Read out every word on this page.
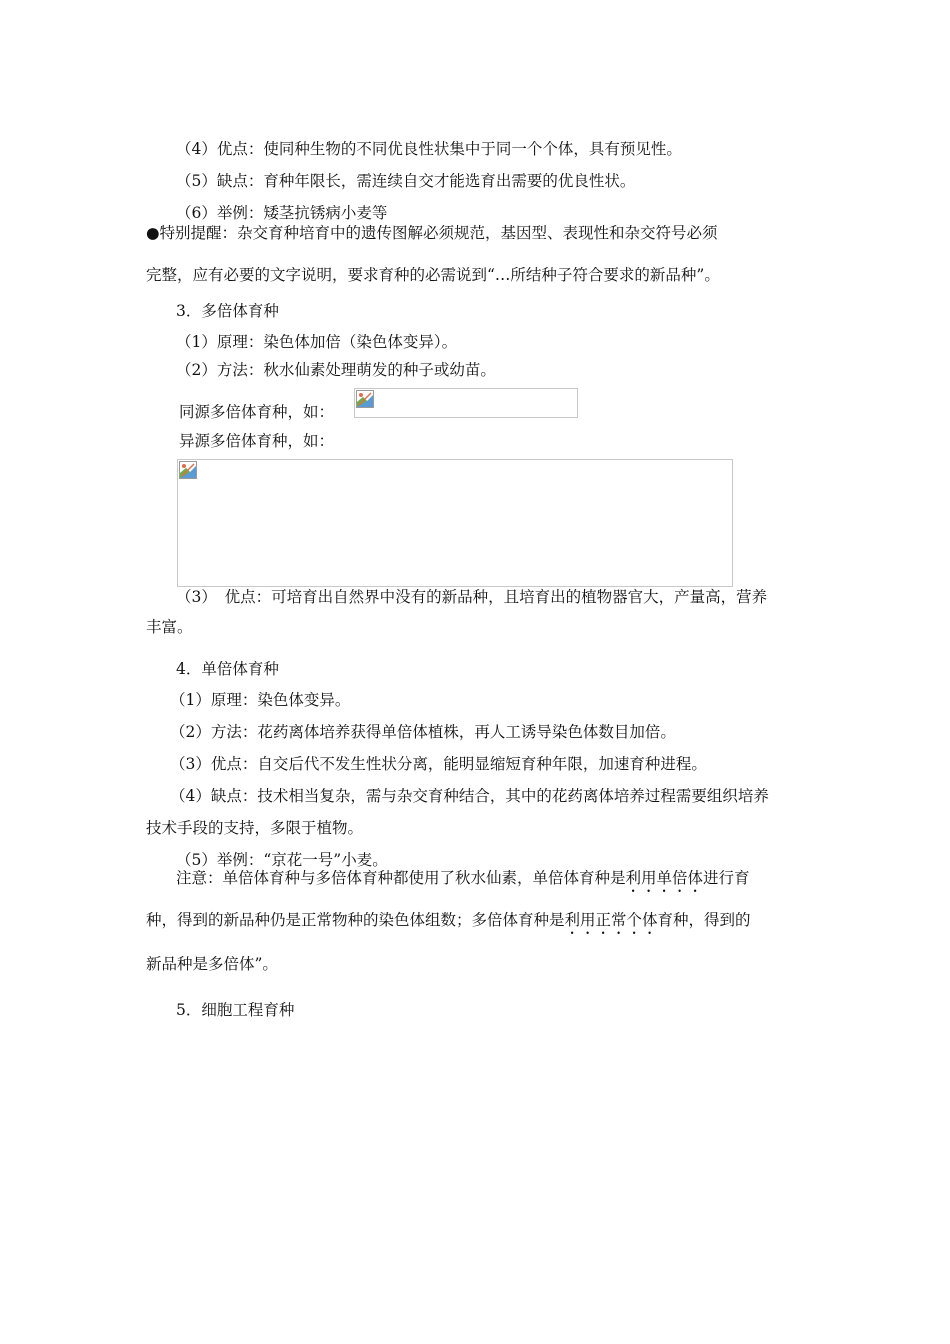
（4）优点：使同种生物的不同优良性状集中于同一个个体，具有预见性。
（5）缺点：育种年限长，需连续自交才能选育出需要的优良性状。
（6）举例：矮茎抗锈病小麦等
●特别提醒：杂交育种培育中的遗传图解必须规范，基因型、表现性和杂交符号必须
完整，应有必要的文字说明，要求育种的必需说到“…所结种子符合要求的新品种”。
3．多倍体育种
（1）原理：染色体加倍（染色体变异）。
（2）方法：秋水仙素处理萌发的种子或幼苗。
同源多倍体育种，如：
异源多倍体育种，如：
（3）　优点：可培育出自然界中没有的新品种，且培育出的植物器官大，产量高，营养
丰富。
4．单倍体育种
（1）原理：染色体变异。
（2）方法：花药离体培养获得单倍体植株，再人工诱导染色体数目加倍。
（3）优点：自交后代不发生性状分离，能明显缩短育种年限，加速育种进程。
（4）缺点：技术相当复杂，需与杂交育种结合，其中的花药离体培养过程需要组织培养
技术手段的支持，多限于植物。
（5）举例：“京花一号”小麦。
注意：单倍体育种与多倍体育种都使用了秋水仙素，单倍体育种是利用单倍体进行育
种，得到的新品种仍是正常物种的染色体组数；多倍体育种是利用正常个体育种，得到的
新品种是多倍体”。
5．细胞工程育种
